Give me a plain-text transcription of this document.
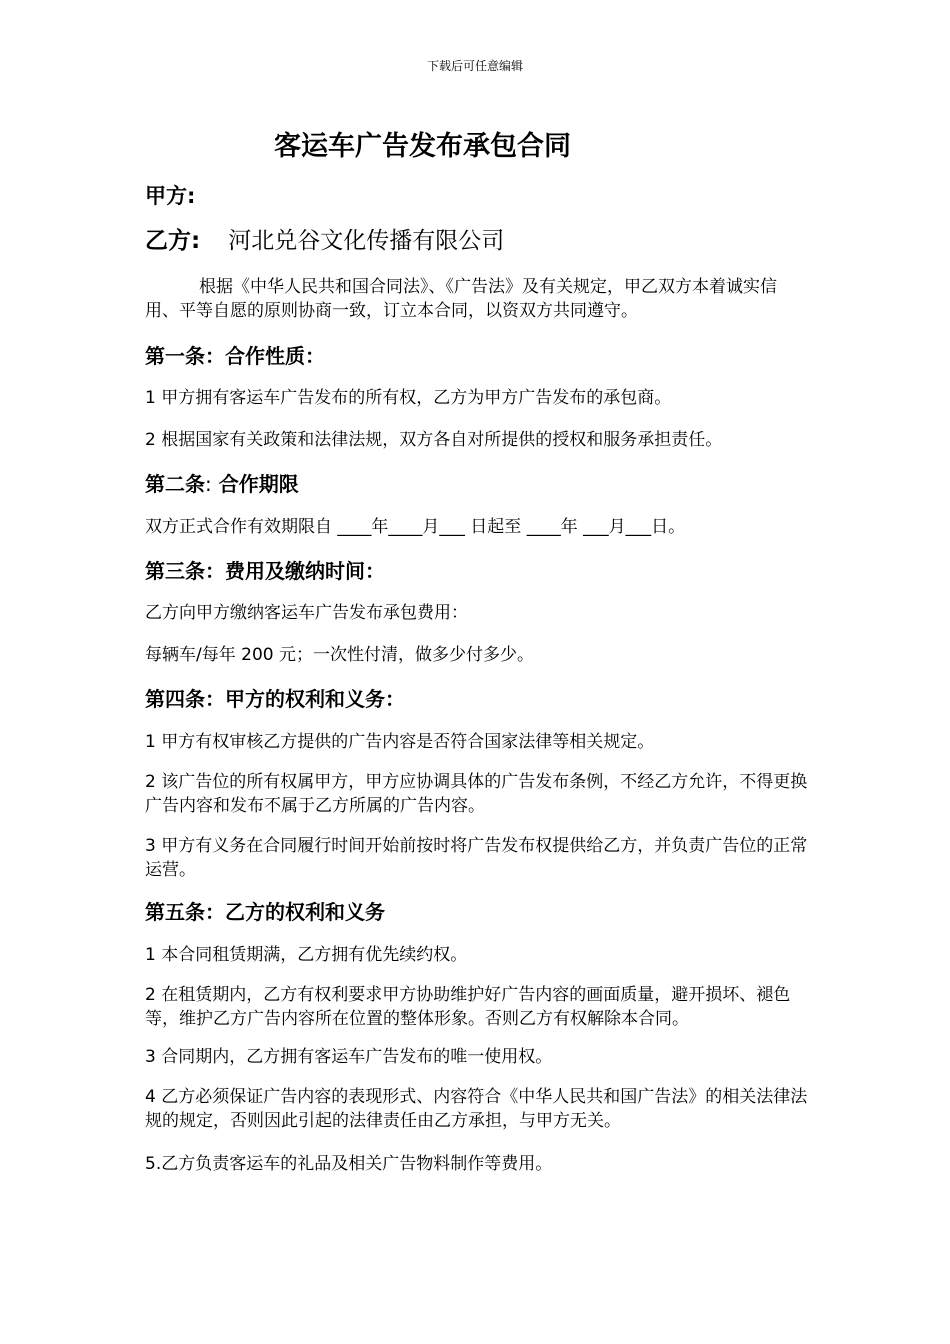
下载后可任意编辑
客运车广告发布承包合同
甲方:
乙方: 河北兑谷文化传播有限公司

根据《中华人民共和国合同法》、《广告法》及有关规定，甲乙双方本着诚实信用、平等自愿的原则协商一致，订立本合同，以资双方共同遵守。

第一条：合作性质：

1 甲方拥有客运车广告发布的所有权，乙方为甲方广告发布的承包商。

2 根据国家有关政策和法律法规，双方各自对所提供的授权和服务承担责任。

第二条: 合作期限

双方正式合作有效期限自 ____年____月___ 日起至 ____年 ___月___日。

第三条：费用及缴纳时间：

乙方向甲方缴纳客运车广告发布承包费用：

每辆车/每年 200 元；一次性付清，做多少付多少。

第四条：甲方的权利和义务：

1 甲方有权审核乙方提供的广告内容是否符合国家法律等相关规定。

2 该广告位的所有权属甲方，甲方应协调具体的广告发布条例，不经乙方允许，不得更换广告内容和发布不属于乙方所属的广告内容。

3 甲方有义务在合同履行时间开始前按时将广告发布权提供给乙方，并负责广告位的正常运营。

第五条：乙方的权利和义务

1 本合同租赁期满，乙方拥有优先续约权。

2 在租赁期内，乙方有权利要求甲方协助维护好广告内容的画面质量，避开损坏、褪色等，维护乙方广告内容所在位置的整体形象。否则乙方有权解除本合同。

3 合同期内，乙方拥有客运车广告发布的唯一使用权。

4 乙方必须保证广告内容的表现形式、内容符合《中华人民共和国广告法》的相关法律法规的规定，否则因此引起的法律责任由乙方承担，与甲方无关。

5.乙方负责客运车的礼品及相关广告物料制作等费用。
